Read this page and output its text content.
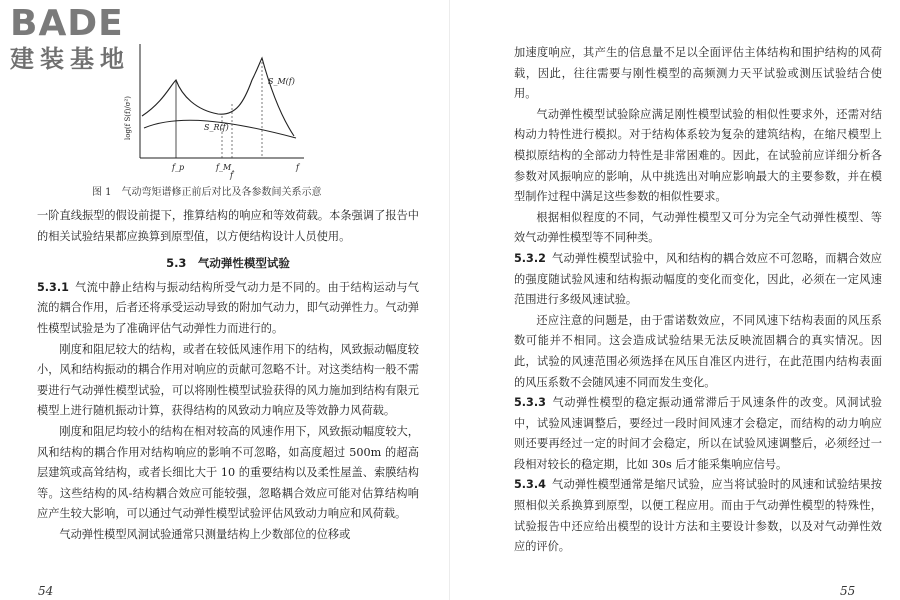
BADE
建装基地
log(f S(f)/σ²)
S_M(f)
S_R(f)
f_p	f_M
f̂
f
图 1　气动弯矩谱修正前后对比及各参数间关系示意

一阶直线振型的假设前提下，推算结构的响应和等效荷载。本条强调了报告中的相关试验结果都应换算到原型值，以方便结构设计人员使用。

5.3　气动弹性模型试验

5.3.1 气流中静止结构与振动结构所受气动力是不同的。由于结构运动与气流的耦合作用，后者还将承受运动导致的附加气动力，即气动弹性力。气动弹性模型试验是为了准确评估气动弹性力而进行的。

刚度和阻尼较大的结构，或者在较低风速作用下的结构，风致振动幅度较小，风和结构振动的耦合作用对响应的贡献可忽略不计。对这类结构一般不需要进行气动弹性模型试验，可以将刚性模型试验获得的风力施加到结构有限元模型上进行随机振动计算，获得结构的风致动力响应及等效静力风荷载。

刚度和阻尼均较小的结构在相对较高的风速作用下，风致振动幅度较大，风和结构的耦合作用对结构响应的影响不可忽略，如高度超过 500m 的超高层建筑或高耸结构，或者长细比大于 10 的重要结构以及柔性屋盖、索膜结构等。这些结构的风-结构耦合效应可能较强，忽略耦合效应可能对估算结构响应产生较大影响，可以通过气动弹性模型试验评估风致动力响应和风荷载。

气动弹性模型风洞试验通常只测量结构上少数部位的位移或

54

加速度响应，其产生的信息量不足以全面评估主体结构和围护结构的风荷载，因此，往往需要与刚性模型的高频测力天平试验或测压试验结合使用。

气动弹性模型试验除应满足刚性模型试验的相似性要求外，还需对结构动力特性进行模拟。对于结构体系较为复杂的建筑结构，在缩尺模型上模拟原结构的全部动力特性是非常困难的。因此，在试验前应详细分析各参数对风振响应的影响，从中挑选出对响应影响最大的主要参数，并在模型制作过程中满足这些参数的相似性要求。

根据相似程度的不同，气动弹性模型又可分为完全气动弹性模型、等效气动弹性模型等不同种类。

5.3.2 气动弹性模型试验中，风和结构的耦合效应不可忽略，而耦合效应的强度随试验风速和结构振动幅度的变化而变化，因此，必须在一定风速范围进行多级风速试验。

还应注意的问题是，由于雷诺数效应，不同风速下结构表面的风压系数可能并不相同。这会造成试验结果无法反映流固耦合的真实情况。因此，试验的风速范围必须选择在风压自准区内进行，在此范围内结构表面的风压系数不会随风速不同而发生变化。

5.3.3 气动弹性模型的稳定振动通常滞后于风速条件的改变。风洞试验中，试验风速调整后，要经过一段时间风速才会稳定，而结构的动力响应则还要再经过一定的时间才会稳定，所以在试验风速调整后，必须经过一段相对较长的稳定期，比如 30s 后才能采集响应信号。

5.3.4 气动弹性模型通常是缩尺试验，应当将试验时的风速和试验结果按照相似关系换算到原型，以便工程应用。而由于气动弹性模型的特殊性，试验报告中还应给出模型的设计方法和主要设计参数，以及对气动弹性效应的评价。

55
